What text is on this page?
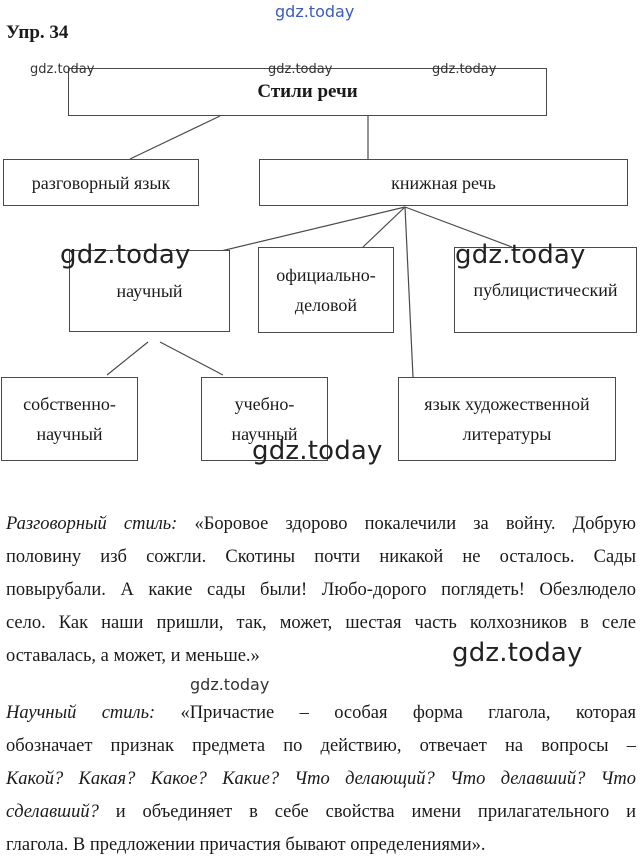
gdz.today
Упр. 34
Стили речи
разговорный язык	книжная речь
научный
официально-
деловой
публицистический
собственно-
научный
учебно-
научный
язык художественной
литературы
gdz.today	gdz.today	gdz.today
gdz.today	gdz.today
gdz.today
Разговорный стиль: «Боровое здорово покалечили за войну. Добрую
половину изб сожгли. Скотины почти никакой не осталось. Сады
повырубали. А какие сады были! Любо-дорого поглядеть! Обезлюдело
село. Как наши пришли, так, может, шестая часть колхозников в селе
оставалась, а может, и меньше.»
Научный стиль: «Причастие – особая форма глагола, которая
обозначает признак предмета по действию, отвечает на вопросы –
Какой? Какая? Какое? Какие? Что делающий? Что делавший? Что
сделавший? и объединяет в себе свойства имени прилагательного и
глагола. В предложении причастия бывают определениями».
gdz.today
gdz.today
